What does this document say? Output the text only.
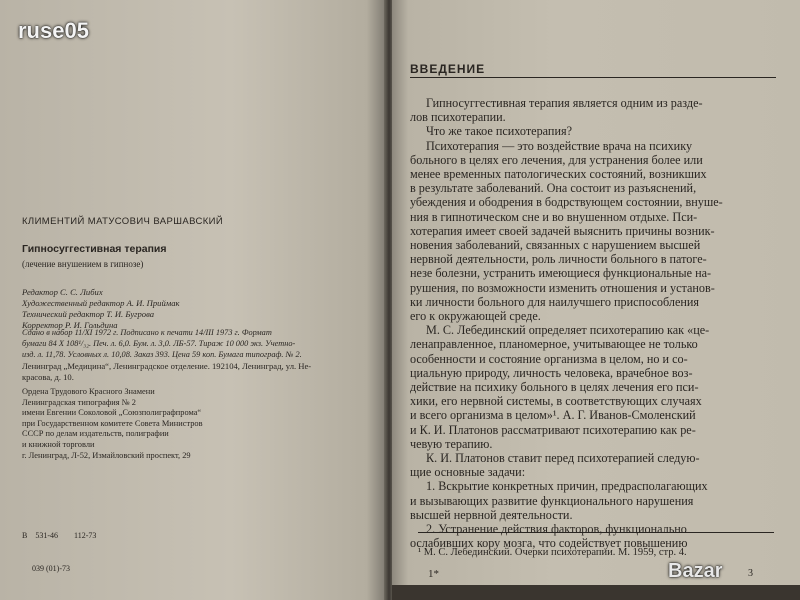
КЛИМЕНТИЙ МАТУСОВИЧ ВАРШАВСКИЙ
Гипносуггестивная терапия
(лечение внушением в гипнозе)
Редактор С. С. Либих
Художественный редактор А. И. Приймак
Технический редактор Т. И. Бугрова
Корректор Р. И. Гольдина
Сдано в набор 11/XI 1972 г. Подписано к печати 14/III 1973 г. Формат
бумаги 84 X 108¹/₃₂. Печ. л. 6,0. Бум. л. 3,0. ЛБ-57. Тираж 10 000 экз. Учетно-
изд. л. 11,78. Условных л. 10,08. Заказ 393. Цена 59 коп. Бумага типограф. № 2.
Ленинград „Медицина“, Ленинградское отделение. 192104, Ленинград, ул. Не-
красова, д. 10.
Ордена Трудового Красного Знамени
Ленинградская типография № 2
имени Евгении Соколовой „Союзполиграфпрома“
при Государственном комитете Совета Министров
СССР по делам издательств, полиграфии
и книжной торговли
г. Ленинград, Л-52, Измайловский проспект, 29

В    531-46        112-73

039 (01)-73

ВВЕДЕНИЕ
Гипносуггестивная терапия является одним из разде-
лов психотерапии.
Что же такое психотерапия?
Психотерапия — это воздействие врача на психику
больного в целях его лечения, для устранения более или
менее временных патологических состояний, возникших
в результате заболеваний. Она состоит из разъяснений,
убеждения и ободрения в бодрствующем состоянии, внуше-
ния в гипнотическом сне и во внушенном отдыхе. Пси-
хотерапия имеет своей задачей выяснить причины возник-
новения заболеваний, связанных с нарушением высшей
нервной деятельности, роль личности больного в патоге-
незе болезни, устранить имеющиеся функциональные на-
рушения, по возможности изменить отношения и установ-
ки личности больного для наилучшего приспособления
его к окружающей среде.
М. С. Лебединский определяет психотерапию как «це-
ленаправленное, планомерное, учитывающее не только
особенности и состояние организма в целом, но и со-
циальную природу, личность человека, врачебное воз-
действие на психику больного в целях лечения его пси-
хики, его нервной системы, в соответствующих случаях
и всего организма в целом»¹. А. Г. Иванов-Смоленский
и К. И. Платонов рассматривают психотерапию как ре-
чевую терапию.
К. И. Платонов ставит перед психотерапией следую-
щие основные задачи:
1. Вскрытие конкретных причин, предрасполагающих
и вызывающих развитие функционального нарушения
высшей нервной деятельности.
2. Устранение действия факторов, функционально
ослабивших кору мозга, что содействует повышению
¹ М. С. Лебединский. Очерки психотерапии. М. 1959, стр. 4.
1*	3
ruse05
Bazar
